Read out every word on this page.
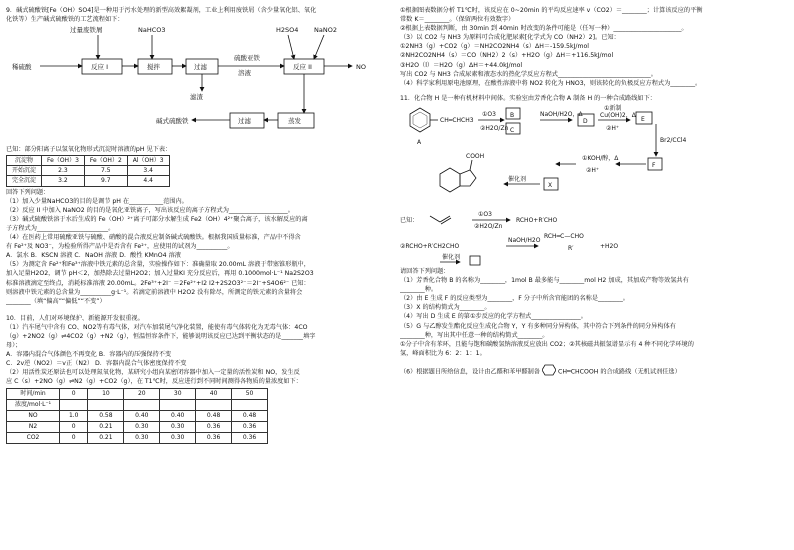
9．碱式硫酸铁[Fe（OH）SO4]是一种用于污水处理的新型高效絮凝剂，工业上利用废铁屑（含少量氧化铝、氧化

化铁等）生产碱式硫酸铁的工艺流程如下：

过量废铁屑	NaHCO3	H2SO4 NaNO2
稀硫酸	反应 I	搅拌	过滤
硫酸亚铁
溶液
反应 II	NO
滤渣
蒸发
过滤
碱式硫酸铁

已知：部分阳离子以氢氧化物形式沉淀时溶液的pH 见下表：

沉淀物	Fe（OH）3	Fe（OH）2	Al（OH）3
开始沉淀	2.3	7.5	3.4
完全沉淀	3.2	9.7	4.4

回答下列问题：

（1）加入少量NaHCO3的目的是调节 pH 在___________范围内。

（2）反应 II 中加入 NaNO2 的目的是氧化亚铁离子，写出该反应的离子方程式为___________________。

（3）碱式硫酸铁溶于水后生成的 Fe（OH）²⁺离子可部分水解生成 Fe2（OH）4²⁺聚合离子，该水解反应的离

子方程式为_______________________。

（4）在医药上常用硫酸亚铁与硫酸、硝酸的混合液反应制备碱式硫酸铁。根据我国质量标准，产品中不得含

有 Fe²⁺及 NO3⁻，为检验所得产品中是否含有 Fe²⁺，应使用的试剂为__________。

A．氯水 B．KSCN 溶液 C．NaOH 溶液 D．酸性 KMnO4 溶液

（5）为测定含 Fe²⁺和Fe³⁺溶液中铁元素的总含量，实验操作如下：准确量取 20.00mL 溶液于带塞锥形瓶中，

加入足量H2O2，调节 pH＜2，加热除去过量H2O2；加入过量KI 充分反应后，再用 0.1000mol·L⁻¹ Na2S2O3

标准溶液滴定至终点，消耗标准溶液 20.00mL。2Fe³⁺+2I⁻ ＝2Fe²⁺+I2 I2+2S2O3²⁻＝2I⁻+S4O6²⁻ 已知：

则溶液中铁元素的总含量为__________g·L⁻¹。若滴定前溶液中 H2O2 没有除尽，所测定的铁元素的含量将会

________（填“偏高”“偏低”“不变”）

10．目前，人们对环境保护、新能源开发很重视。

（1）汽车尾气中含有 CO、NO2等有毒气体，对汽车加装尾气净化装置，能使有毒气体转化为无毒气体：4CO

（g）+2NO2（g）⇌4CO2（g）+N2（g），恒温恒容条件下，能够说明该反应已达到平衡状态的是_______填字

母）；

A．容器内混合气体颜色不再变化 B．容器内的压强保持不变

C．2v逆（NO2）＝v正（N2） D．容器内混合气体密度保持不变

（2）用活性炭还原法也可以处理氮氧化物，某研究小组向某密闭容器中加入一定量的活性炭和 NO，发生反

应 C（s）+2NO（g）⇌N2（g）+CO2（g），在 T1℃时，反应进行到不同时间测得各物质的量浓度如下：

时间/min	0	10	20	30	40	50
浓度/mol·L⁻¹						
NO	1.0	0.58	0.40	0.40	0.48	0.48
N2	0	0.21	0.30	0.30	0.36	0.36
CO2	0	0.21	0.30	0.30	0.36	0.36

①根据图表数据分析 T1℃时，该反应在 0~20min 的平均反应速率 v（CO2）＝________；计算该反应的平衡

常数 K＝________。（保留两位有效数字）

②根据上表数据判断，由 30min 到 40min 时改变的条件可能是（任写一种）______________________。

（3）以 CO2 与 NH3 为原料可合成化肥尿素[化学式为 CO（NH2）2]。已知：

①2NH3（g）+CO2（g）＝NH2CO2NH4（s）ΔH＝-159.5kJ/mol

②NH2CO2NH4（s）＝CO（NH2）2（s）+H2O（g）ΔH＝+116.5kJ/mol

③H2O（l）＝H2O（g）ΔH＝+44.0kJ/mol

写出 CO2 与 NH3 合成尿素和液态水的热化学反应方程式______________________________。

（4）科学家利用原电池原理，在酸性溶液中将 NO2 转化为 HNO3，则该转化的负极反应方程式为________。

11．化合物 H 是一种有机材料中间体。实验室由芳香化合物 A 制备 H 的一种合成路线如下：

A
CH═CHCH3
①O3
②H2O/Zn
B
C
NaOH/H2O，Δ
D
①新制
Cu(OH)2，Δ
②H⁺
E
Br2/CCl4
F
①KOH/醇，Δ
②H⁺
催化剂
X
COOH
已知：
①O3
②H2O/Zn
RCHO+R′CHO
②RCHO+R′CH2CHO
NaOH/H2O
RCH═C—CHO
R′	+H2O
催化剂

请回答下列问题：

（1）芳香化合物 B 的名称为________，1mol B 最多能与________mol H2 加成，其加成产物等效氢共有

________种。

（2）由 E 生成 F 的反应类型为________，F 分子中所含官能团的名称是________。

（3）X 的结构简式为________。

（4）写出 D 生成 E 的第①步反应的化学方程式________________。

（5）G 与乙醇发生酯化反应生成化合物 Y，Y 有多种同分异构体，其中符合下列条件的同分异构体有

________种，写出其中任意一种的结构简式________。

①分子中含有苯环，且能与饱和碳酸氢钠溶液反应放出 CO2；②其核磁共振氢谱显示有 4 种不同化学环境的

氢，峰面积比为 6：2：1：1。

（6）根据题目所给信息，设计由乙醛和苯甲醛制备	CH═CHCOOH 的合成路线（无机试剂任选）
